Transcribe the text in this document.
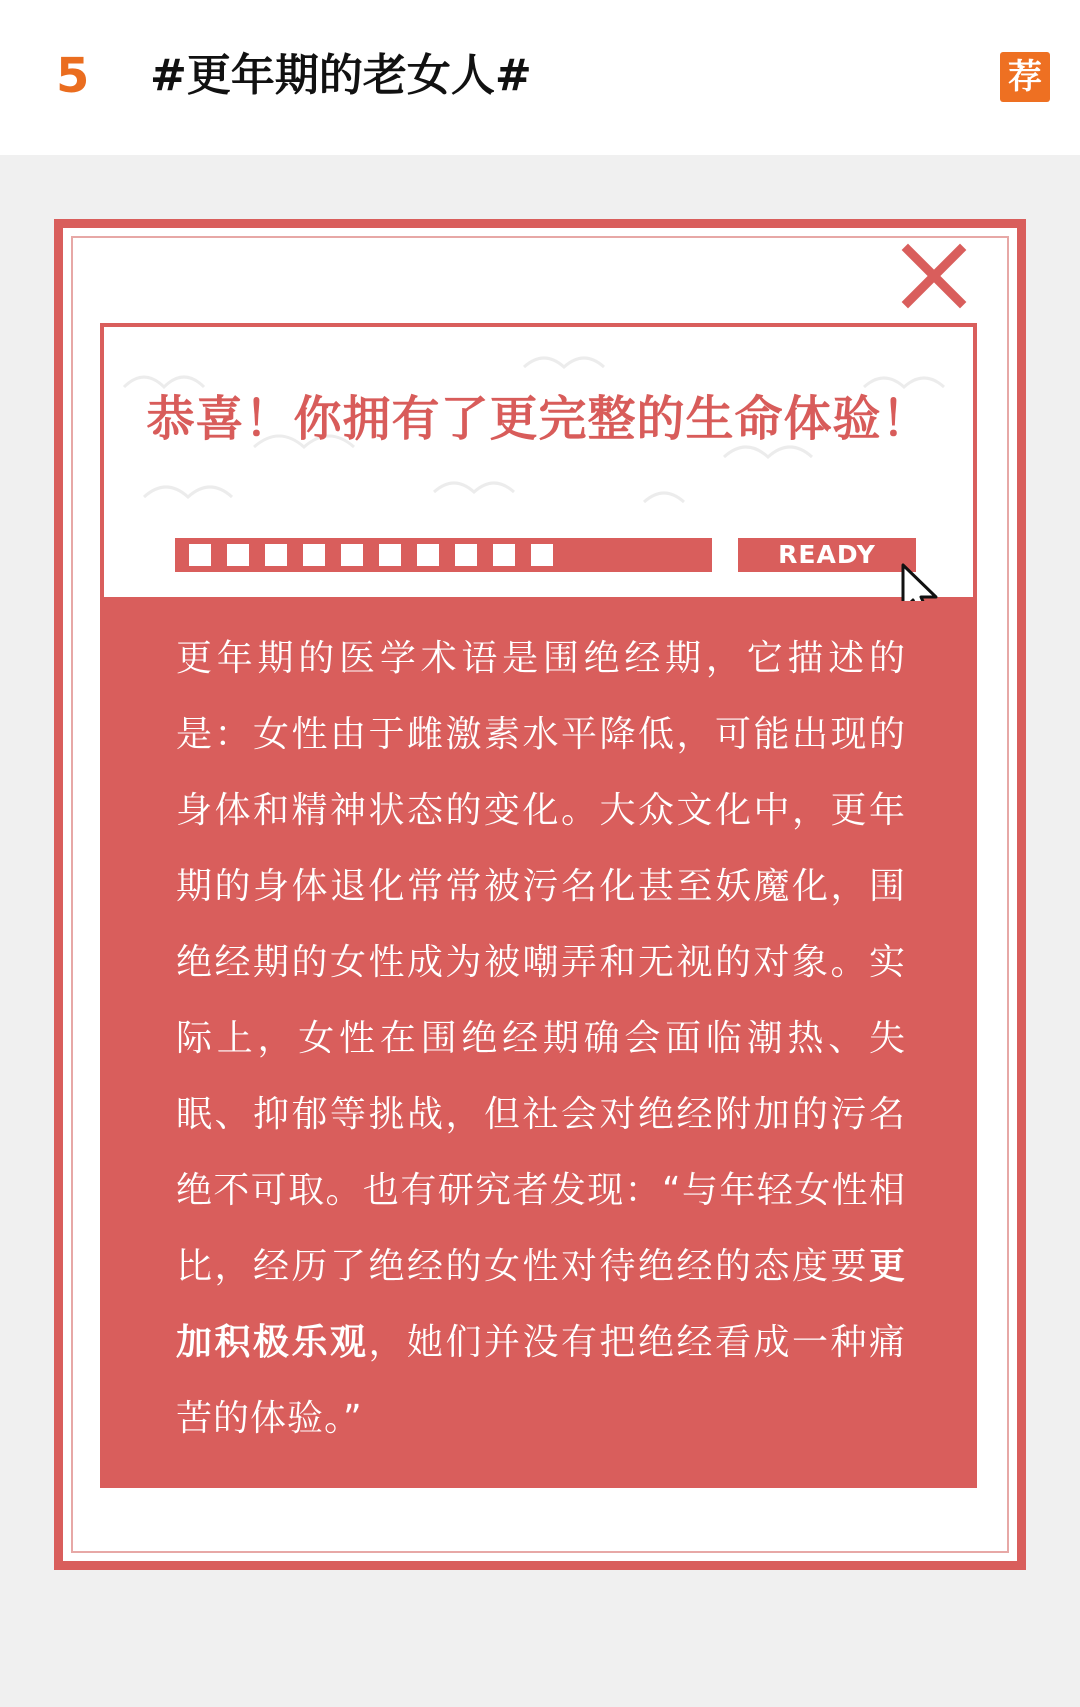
5 #更年期的老女人#	荐
恭喜！你拥有了更完整的生命体验！
READY
更年期的医学术语是围绝经期，它描述的是：女性由于雌激素水平降低，可能出现的身体和精神状态的变化。大众文化中，更年期的身体退化常常被污名化甚至妖魔化，围绝经期的女性成为被嘲弄和无视的对象。实际上，女性在围绝经期确会面临潮热、失眠、抑郁等挑战，但社会对绝经附加的污名绝不可取。也有研究者发现：“与年轻女性相比，经历了绝经的女性对待绝经的态度要更加积极乐观，她们并没有把绝经看成一种痛苦的体验。”
